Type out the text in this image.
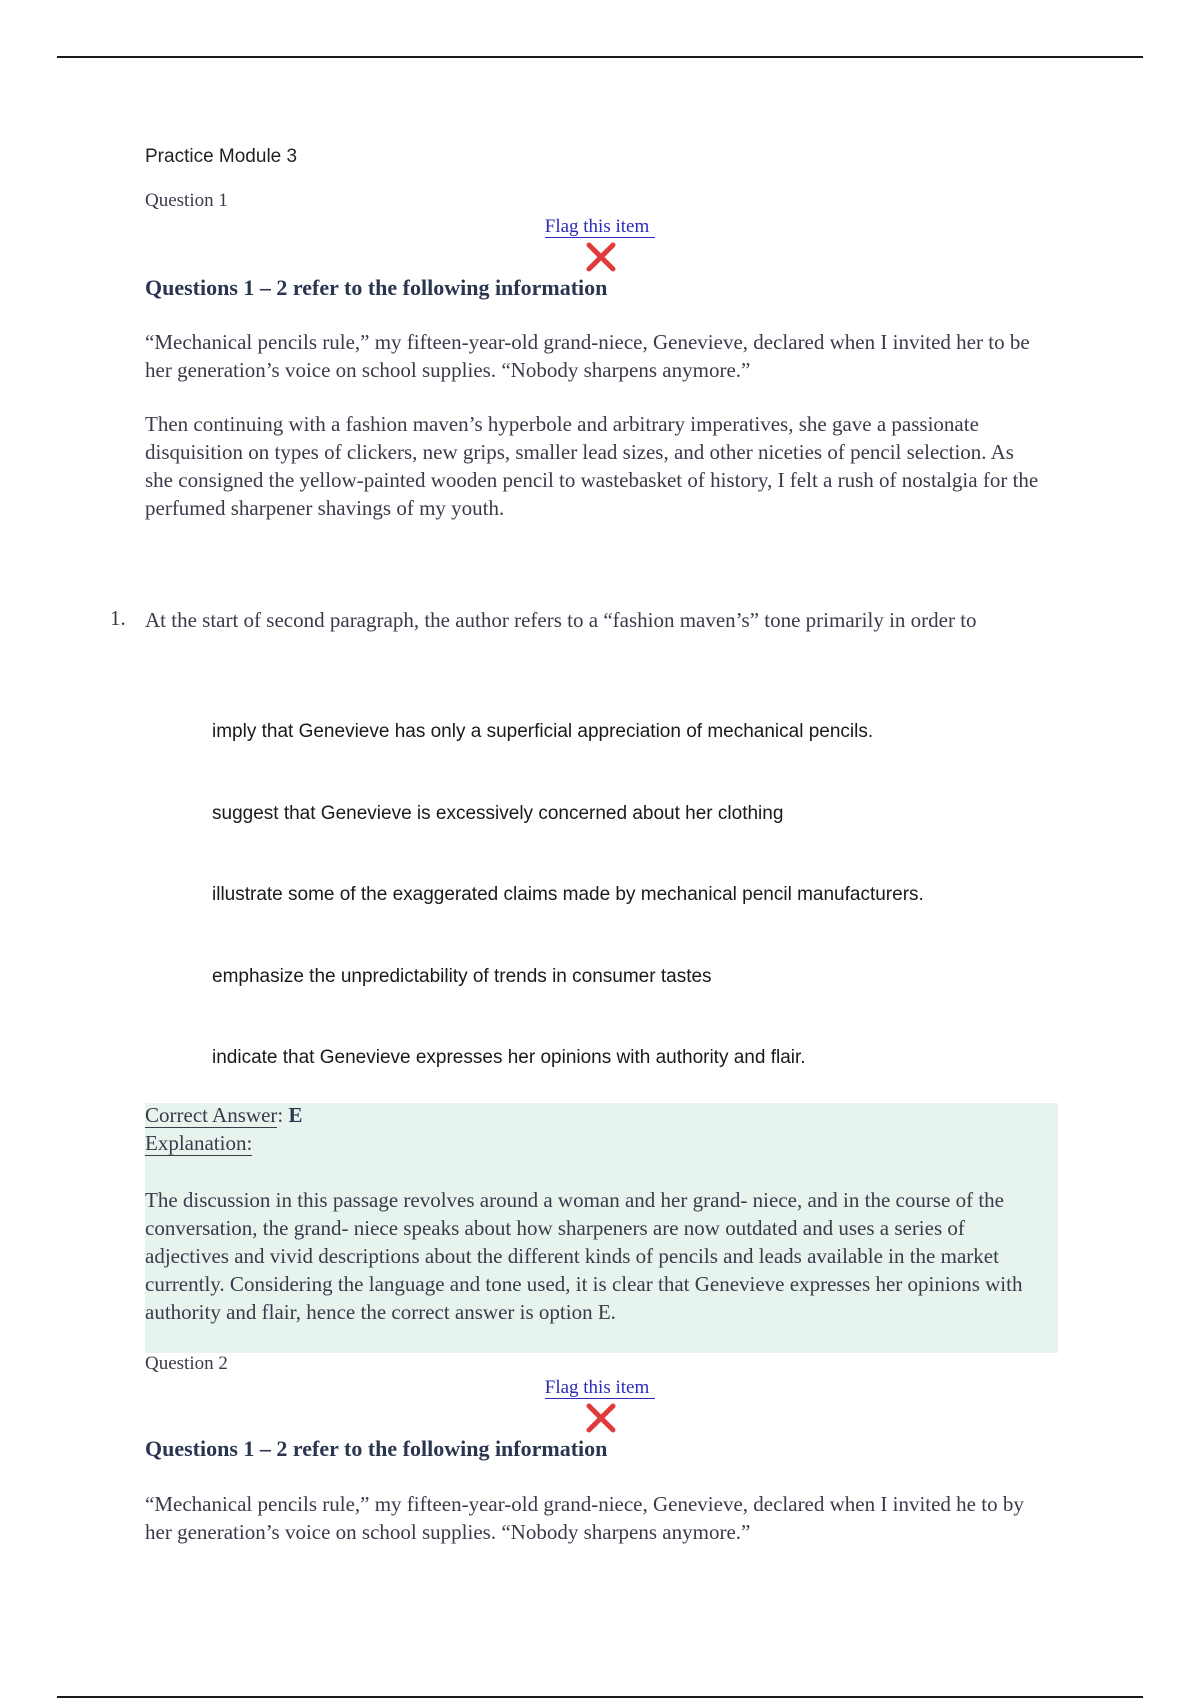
Practice Module 3
Question 1
Flag this item
Questions 1 – 2 refer to the following information
“Mechanical pencils rule,” my fifteen-year-old grand-niece, Genevieve, declared when I invited her to be her generation’s voice on school supplies. “Nobody sharpens anymore.”
Then continuing with a fashion maven’s hyperbole and arbitrary imperatives, she gave a passionate disquisition on types of clickers, new grips, smaller lead sizes, and other niceties of pencil selection. As she consigned the yellow-painted wooden pencil to wastebasket of history, I felt a rush of nostalgia for the perfumed sharpener shavings of my youth.
1. At the start of second paragraph, the author refers to a “fashion maven’s” tone primarily in order to
imply that Genevieve has only a superficial appreciation of mechanical pencils.
suggest that Genevieve is excessively concerned about her clothing
illustrate some of the exaggerated claims made by mechanical pencil manufacturers.
emphasize the unpredictability of trends in consumer tastes
indicate that Genevieve expresses her opinions with authority and flair.
Correct Answer: E
Explanation:
The discussion in this passage revolves around a woman and her grand- niece, and in the course of the conversation, the grand- niece speaks about how sharpeners are now outdated and uses a series of adjectives and vivid descriptions about the different kinds of pencils and leads available in the market currently. Considering the language and tone used, it is clear that Genevieve expresses her opinions with authority and flair, hence the correct answer is option E.
Question 2
Flag this item
Questions 1 – 2 refer to the following information
“Mechanical pencils rule,” my fifteen-year-old grand-niece, Genevieve, declared when I invited he to by her generation’s voice on school supplies. “Nobody sharpens anymore.”
